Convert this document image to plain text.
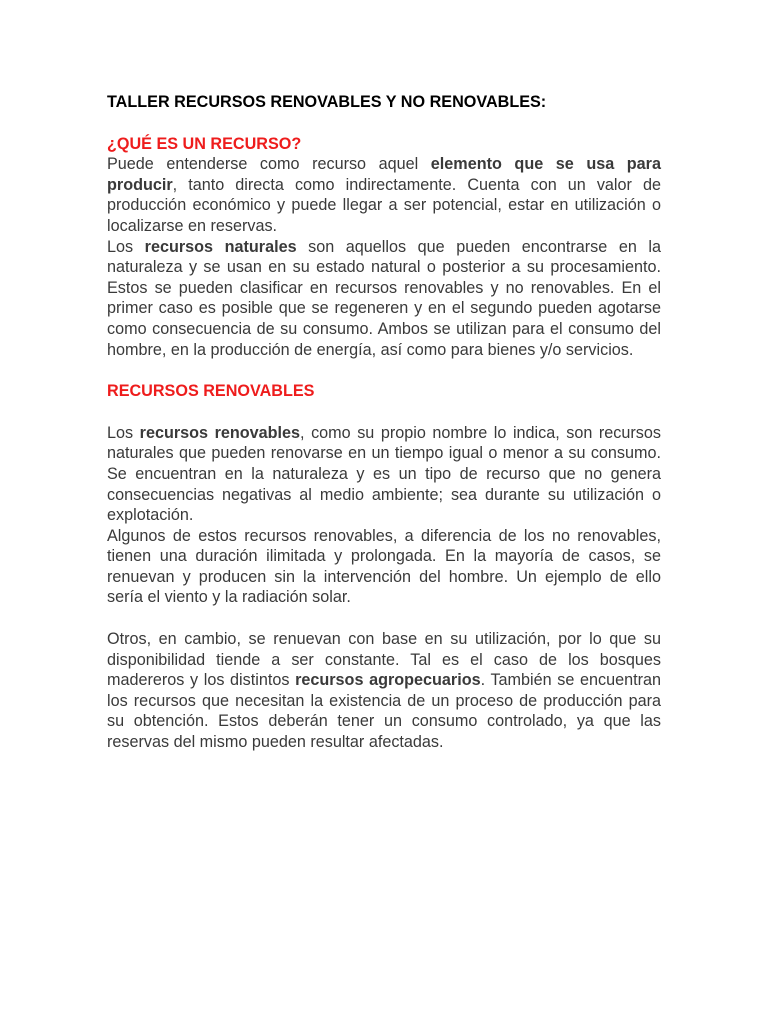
TALLER RECURSOS RENOVABLES Y NO RENOVABLES:
¿QUÉ ES UN RECURSO?

Puede entenderse como recurso aquel elemento que se usa para producir, tanto directa como indirectamente. Cuenta con un valor de producción económico y puede llegar a ser potencial, estar en utilización o localizarse en reservas.

Los recursos naturales son aquellos que pueden encontrarse en la naturaleza y se usan en su estado natural o posterior a su procesamiento. Estos se pueden clasificar en recursos renovables y no renovables. En el primer caso es posible que se regeneren y en el segundo pueden agotarse como consecuencia de su consumo. Ambos se utilizan para el consumo del hombre, en la producción de energía, así como para bienes y/o servicios.

RECURSOS RENOVABLES

Los recursos renovables, como su propio nombre lo indica, son recursos naturales que pueden renovarse en un tiempo igual o menor a su consumo. Se encuentran en la naturaleza y es un tipo de recurso que no genera consecuencias negativas al medio ambiente; sea durante su utilización o explotación.

Algunos de estos recursos renovables, a diferencia de los no renovables, tienen una duración ilimitada y prolongada. En la mayoría de casos, se renuevan y producen sin la intervención del hombre. Un ejemplo de ello sería el viento y la radiación solar.

Otros, en cambio, se renuevan con base en su utilización, por lo que su disponibilidad tiende a ser constante. Tal es el caso de los bosques madereros y los distintos recursos agropecuarios. También se encuentran los recursos que necesitan la existencia de un proceso de producción para su obtención. Estos deberán tener un consumo controlado, ya que las reservas del mismo pueden resultar afectadas.
